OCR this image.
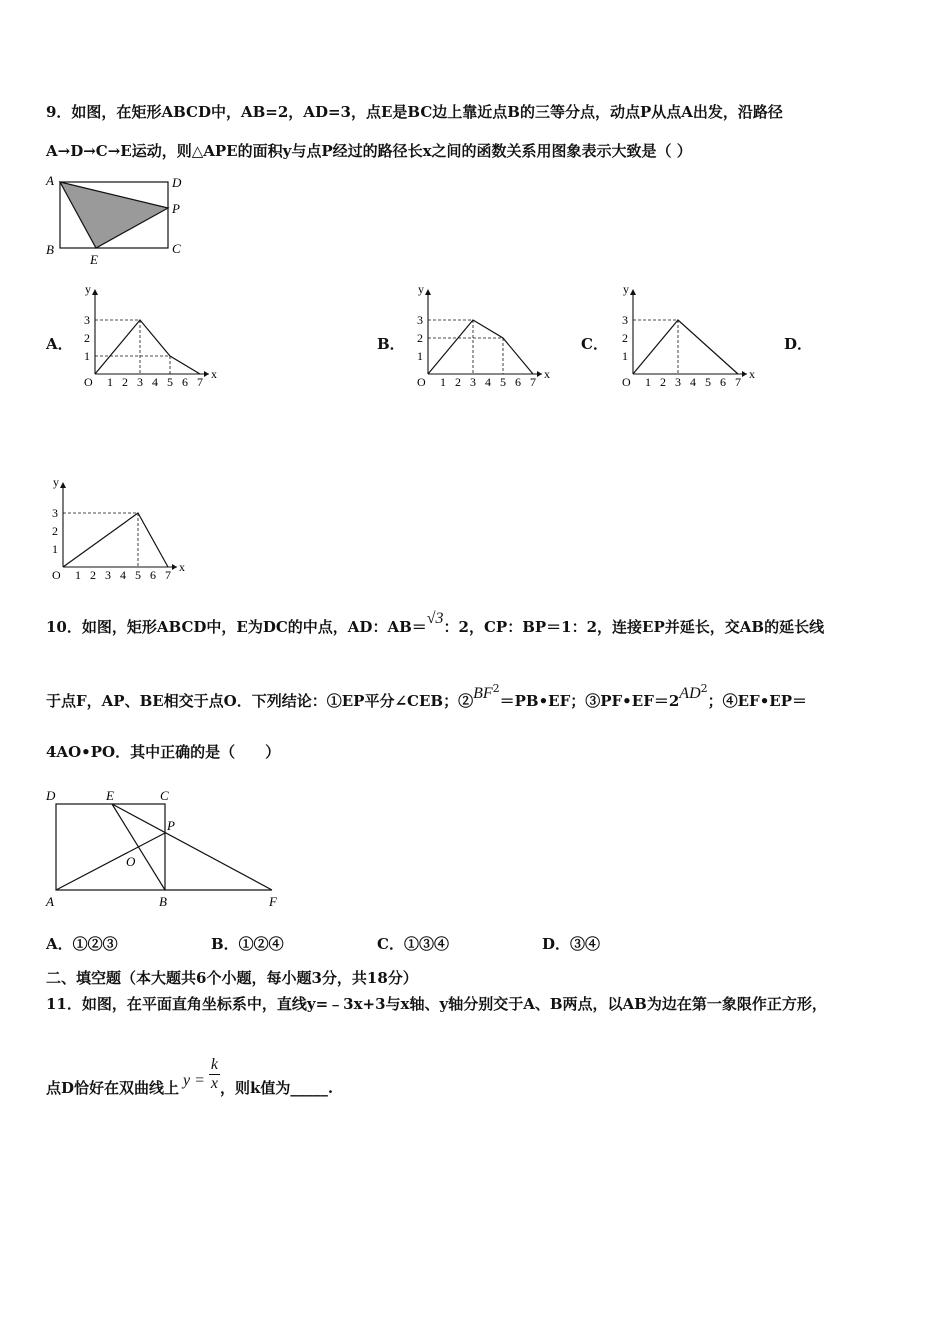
9．如图，在矩形ABCD中，AB=2，AD=3，点E是BC边上靠近点B的三等分点，动点P从点A出发，沿路径
A→D→C→E运动，则△APE的面积y与点P经过的路径长x之间的函数关系用图象表示大致是（ ）
A	D
P
B	C
E
A．	B．	C．	D．
1 2 3 4 5 6 7
1
2
3
O
y
x
1 2 3 4 5 6 7
1
2
3
O
y
x
1 2 3 4 5 6 7
1
2
3
O
y
x
1 2 3 4 5 6 7
1
2
3
O
y
x
10．如图，矩形ABCD中，E为DC的中点，AD：AB＝√3：2，CP：BP＝1：2，连接EP并延长，交AB的延长线
于点F，AP、BE相交于点O．下列结论：①EP平分∠CEB；$②BF^2=PB•EF$；$③PF•EF=2AD^2$；④EF•EP＝
4AO•PO．其中正确的是（　　）
D	E	C
P
O
A	B	F
A．①②③	B．①②④	C．①③④	D．③④
二、填空题（本大题共6个小题，每小题3分，共18分）
11．如图，在平面直角坐标系中，直线y=﹣3x+3与x轴、y轴分别交于A、B两点，以AB为边在第一象限作正方形，
点D恰好在双曲线上 $y = \frac{k}{x}$ ，则k值为_____.
